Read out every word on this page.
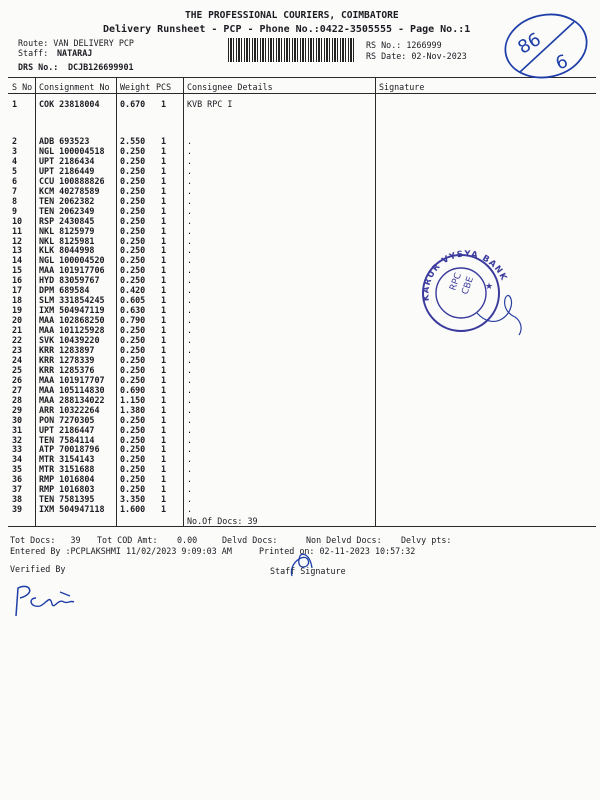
THE PROFESSIONAL COURIERS, COIMBATORE
Delivery Runsheet - PCP - Phone No.:0422-3505555 - Page No.:1
Route: VAN DELIVERY PCP
Staff: NATARAJ
DRS No.: DCJB126699901
RS No.: 1266999
RS Date: 02-Nov-2023
S No Consignment No Weight PCS Consignee Details	Signature
1	COK 23818004 0.670 1 KVB RPC I
2	ADB 693523	2.550 1 .
3	NGL 100004518 0.250 1 .
4	UPT 2186434	0.250 1 .
5	UPT 2186449	0.250 1 .
6	CCU 100888826 0.250 1 .
7	KCM 40278589 0.250 1 .
8	TEN 2062382	0.250 1 .
9	TEN 2062349	0.250 1 .
10 RSP 2430845	0.250 1 .
11 NKL 8125979	0.250 1 .
12 NKL 8125981	0.250 1 .
13 KLK 8044998	0.250 1 .
14 NGL 100004520 0.250 1 .
15 MAA 101917706 0.250 1 .
16 HYD 83059767 0.250 1 .
17 DPM 689584	0.420 1 .
18 SLM 331854245 0.605 1 .
19 IXM 504947119 0.630 1 .
20 MAA 102868250 0.790 1 .
21 MAA 101125928 0.250 1 .
22 SVK 10439220 0.250 1 .
23 KRR 1283897	0.250 1 .
24 KRR 1278339	0.250 1 .
25 KRR 1285376	0.250 1 .
26 MAA 101917707 0.250 1 .
27 MAA 105114830 0.690 1 .
28 MAA 288134022 1.150 1 .
29 ARR 10322264 1.380 1 .
30 PON 7270305	0.250 1 .
31 UPT 2186447	0.250 1 .
32 TEN 7584114	0.250 1 .
33 ATP 70018796 0.250 1 .
34 MTR 3154143	0.250 1 .
35 MTR 3151688	0.250 1 .
36 RMP 1016804	0.250 1 .
37 RMP 1016803	0.250 1 .
38 TEN 7581395	3.350 1 .
39 IXM 504947118 1.600 1 .
No.Of Docs: 39
Tot Docs:   39 Tot COD Amt: 0.00	Delvd Docs:	Non Delvd Docs: Delvy pts:
Entered By :PCPLAKSHMI 11/02/2023 9:09:03 AM	Printed on: 02-11-2023 10:57:32
Verified By	Staff Signature
86
6
KARUR VYSYA BANK
RPC
CBE ★
